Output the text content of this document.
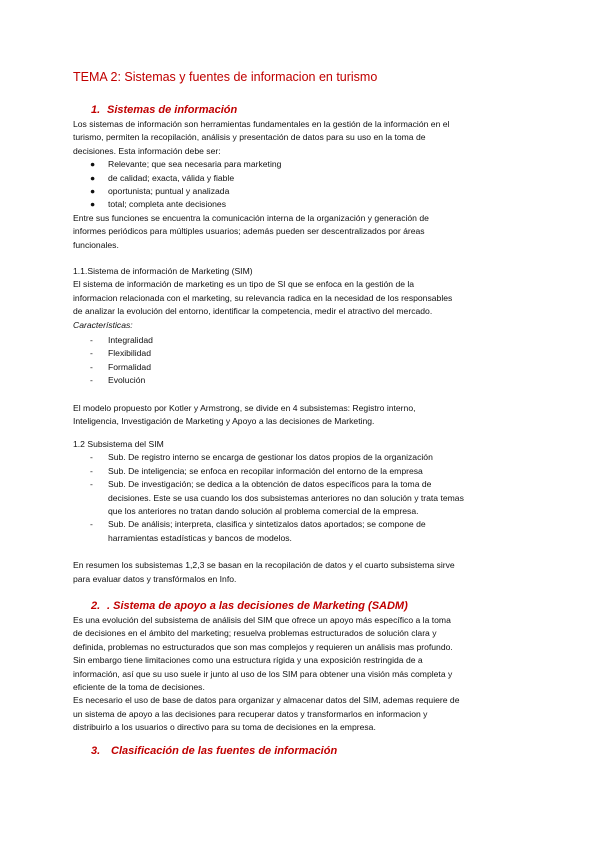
TEMA 2: Sistemas y fuentes de informacion en turismo
1. Sistemas de información
Los sistemas de información son herramientas fundamentales en la gestión de la información en el
turismo, permiten la recopilación, análisis y presentación de datos para su uso en la toma de
decisiones. Esta información debe ser:
● Relevante; que sea necesaria para marketing
● de calidad; exacta, válida y fiable
● oportunista; puntual y analizada
● total; completa ante decisiones
Entre sus funciones se encuentra la comunicación interna de la organización y generación de
informes periódicos para múltiples usuarios; además pueden ser descentralizados por áreas
funcionales.
1.1.Sistema de información de Marketing (SIM)
El sistema de información de marketing es un tipo de SI que se enfoca en la gestión de la
informacion relacionada con el marketing, su relevancia radica en la necesidad de los responsables
de analizar la evolución del entorno, identificar la competencia, medir el atractivo del mercado.
Características:
- Integralidad
- Flexibilidad
- Formalidad
- Evolución
El modelo propuesto por Kotler y Armstrong, se divide en 4 subsistemas: Registro interno,
Inteligencia, Investigación de Marketing y Apoyo a las decisiones de Marketing.
1.2 Subsistema del SIM
- Sub. De registro interno se encarga de gestionar los datos propios de la organización
- Sub. De inteligencia; se enfoca en recopilar información del entorno de la empresa
- Sub. De investigación; se dedica a la obtención de datos específicos para la toma de
decisiones. Este se usa cuando los dos subsistemas anteriores no dan solución y trata temas
que los anteriores no tratan dando solución al problema comercial de la empresa.
- Sub. De análisis; interpreta, clasifica y sintetizalos datos aportados; se compone de
harramientas estadísticas y bancos de modelos.
En resumen los subsistemas 1,2,3 se basan en la recopilación de datos y el cuarto subsistema sirve
para evaluar datos y transfórmalos en Info.
2. . Sistema de apoyo a las decisiones de Marketing (SADM)
Es una evolución del subsistema de análisis del SIM que ofrece un apoyo más específico a la toma
de decisiones en el ámbito del marketing; resuelva problemas estructurados de solución clara y
definida, problemas no estructurados que son mas complejos y requieren un análisis mas profundo.
Sin embargo tiene limitaciones como una estructura rígida y una exposición restringida de a
información, así que su uso suele ir junto al uso de los SIM para obtener una visión más completa y
eficiente de la toma de decisiones.
Es necesario el uso de base de datos para organizar y almacenar datos del SIM, ademas requiere de
un sistema de apoyo a las decisiones para recuperar datos y transformarlos en informacion y
distribuirlo a los usuarios o directivo para su toma de decisiones en la empresa.
3. Clasificación de las fuentes de información
